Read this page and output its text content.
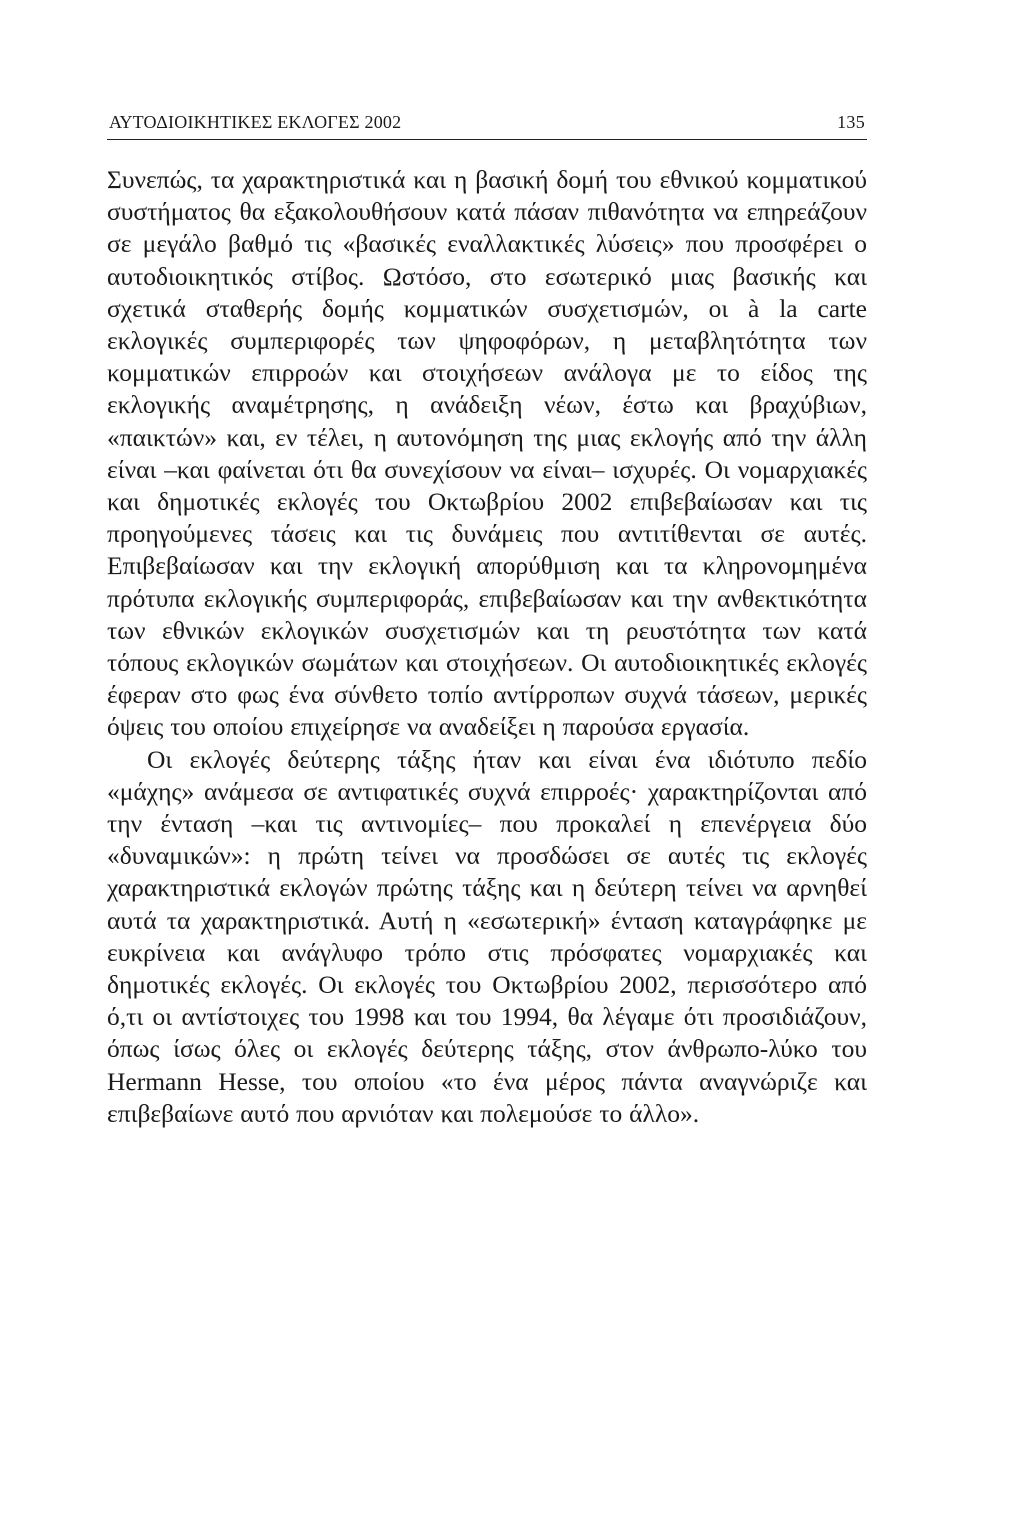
ΑΥΤΟΔΙΟΙΚΗΤΙΚΕΣ ΕΚΛΟΓΕΣ 2002	135

Συνεπώς, τα χαρακτηριστικά και η βασική δομή του εθνικού κομματικού συστήματος θα εξακολουθήσουν κατά πάσαν πιθανότητα να επηρεάζουν σε μεγάλο βαθμό τις «βασικές εναλλακτικές λύσεις» που προσφέρει ο αυτοδιοικητικός στίβος. Ωστόσο, στο εσωτερικό μιας βασικής και σχετικά σταθερής δομής κομματικών συσχετισμών, οι à la carte εκλογικές συμπεριφορές των ψηφοφόρων, η μεταβλητότητα των κομματικών επιρροών και στοιχήσεων ανάλογα με το είδος της εκλογικής αναμέτρησης, η ανάδειξη νέων, έστω και βραχύβιων, «παικτών» και, εν τέλει, η αυτονόμηση της μιας εκλογής από την άλλη είναι –και φαίνεται ότι θα συνεχίσουν να είναι– ισχυρές. Οι νομαρχιακές και δημοτικές εκλογές του Οκτωβρίου 2002 επιβεβαίωσαν και τις προηγούμενες τάσεις και τις δυνάμεις που αντιτίθενται σε αυτές. Επιβεβαίωσαν και την εκλογική απορύθμιση και τα κληρονομημένα πρότυπα εκλογικής συμπεριφοράς, επιβεβαίωσαν και την ανθεκτικότητα των εθνικών εκλογικών συσχετισμών και τη ρευστότητα των κατά τόπους εκλογικών σωμάτων και στοιχήσεων. Οι αυτοδιοικητικές εκλογές έφεραν στο φως ένα σύνθετο τοπίο αντίρροπων συχνά τάσεων, μερικές όψεις του οποίου επιχείρησε να αναδείξει η παρούσα εργασία.

Οι εκλογές δεύτερης τάξης ήταν και είναι ένα ιδιότυπο πεδίο «μάχης» ανάμεσα σε αντιφατικές συχνά επιρροές· χαρακτηρίζονται από την ένταση –και τις αντινομίες– που προκαλεί η επενέργεια δύο «δυναμικών»: η πρώτη τείνει να προσδώσει σε αυτές τις εκλογές χαρακτηριστικά εκλογών πρώτης τάξης και η δεύτερη τείνει να αρνηθεί αυτά τα χαρακτηριστικά. Αυτή η «εσωτερική» ένταση καταγράφηκε με ευκρίνεια και ανάγλυφο τρόπο στις πρόσφατες νομαρχιακές και δημοτικές εκλογές. Οι εκλογές του Οκτωβρίου 2002, περισσότερο από ό,τι οι αντίστοιχες του 1998 και του 1994, θα λέγαμε ότι προσιδιάζουν, όπως ίσως όλες οι εκλογές δεύτερης τάξης, στον άνθρωπο-λύκο του Hermann Hesse, του οποίου «το ένα μέρος πάντα αναγνώριζε και επιβεβαίωνε αυτό που αρνιόταν και πολεμούσε το άλλο».
